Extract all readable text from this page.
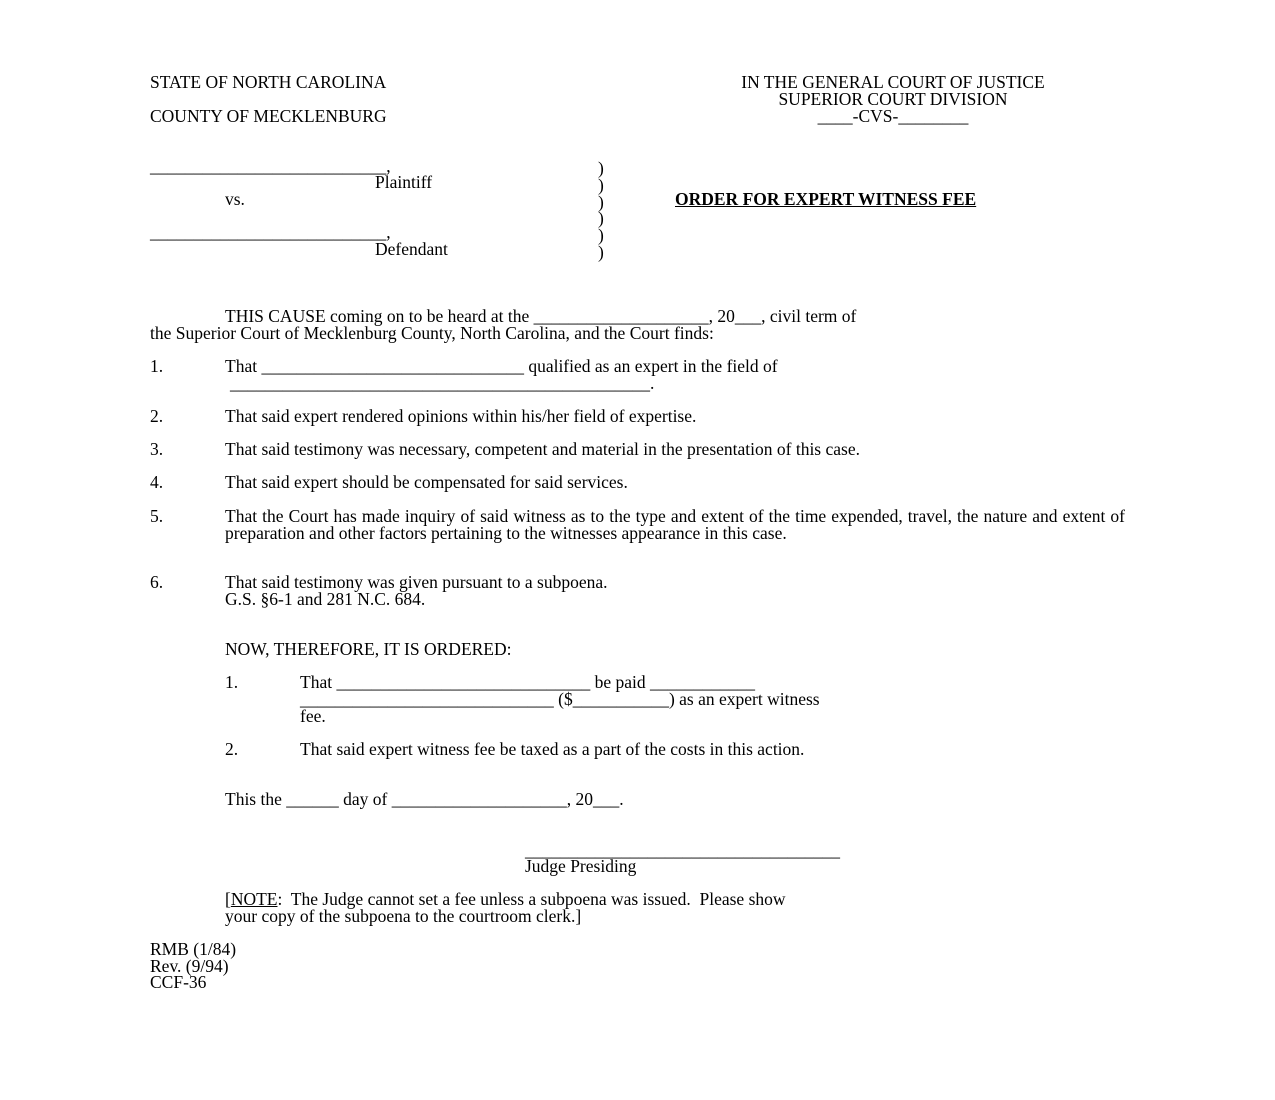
STATE OF NORTH CAROLINA
COUNTY OF MECKLENBURG
IN THE GENERAL COURT OF JUSTICE
SUPERIOR COURT DIVISION
____-CVS-________
___________________________,
Plaintiff
vs.
___________________________,
Defendant
)
)
)
)
)
)
ORDER FOR EXPERT WITNESS FEE
THIS CAUSE coming on to be heard at the ____________________, 20___, civil term of
the Superior Court of Mecklenburg County, North Carolina, and the Court finds:
1.	That ______________________________ qualified as an expert in the field of
________________________________________________.
2.	That said expert rendered opinions within his/her field of expertise.
3.	That said testimony was necessary, competent and material in the presentation of this case.
4.	That said expert should be compensated for said services.
5.	That the Court has made inquiry of said witness as to the type and extent of the time expended, travel, the nature and extent of preparation and other factors pertaining to the witnesses appearance in this case.
6.	That said testimony was given pursuant to a subpoena.
G.S. §6-1 and 281 N.C. 684.
NOW, THEREFORE, IT IS ORDERED:
1.	That _____________________________ be paid ____________
_____________________________ ($___________) as an expert witness
fee.
2.	That said expert witness fee be taxed as a part of the costs in this action.
This the ______ day of ____________________, 20___.
____________________________________
Judge Presiding
[NOTE:  The Judge cannot set a fee unless a subpoena was issued.  Please show
your copy of the subpoena to the courtroom clerk.]
RMB (1/84)
Rev. (9/94)
CCF-36
